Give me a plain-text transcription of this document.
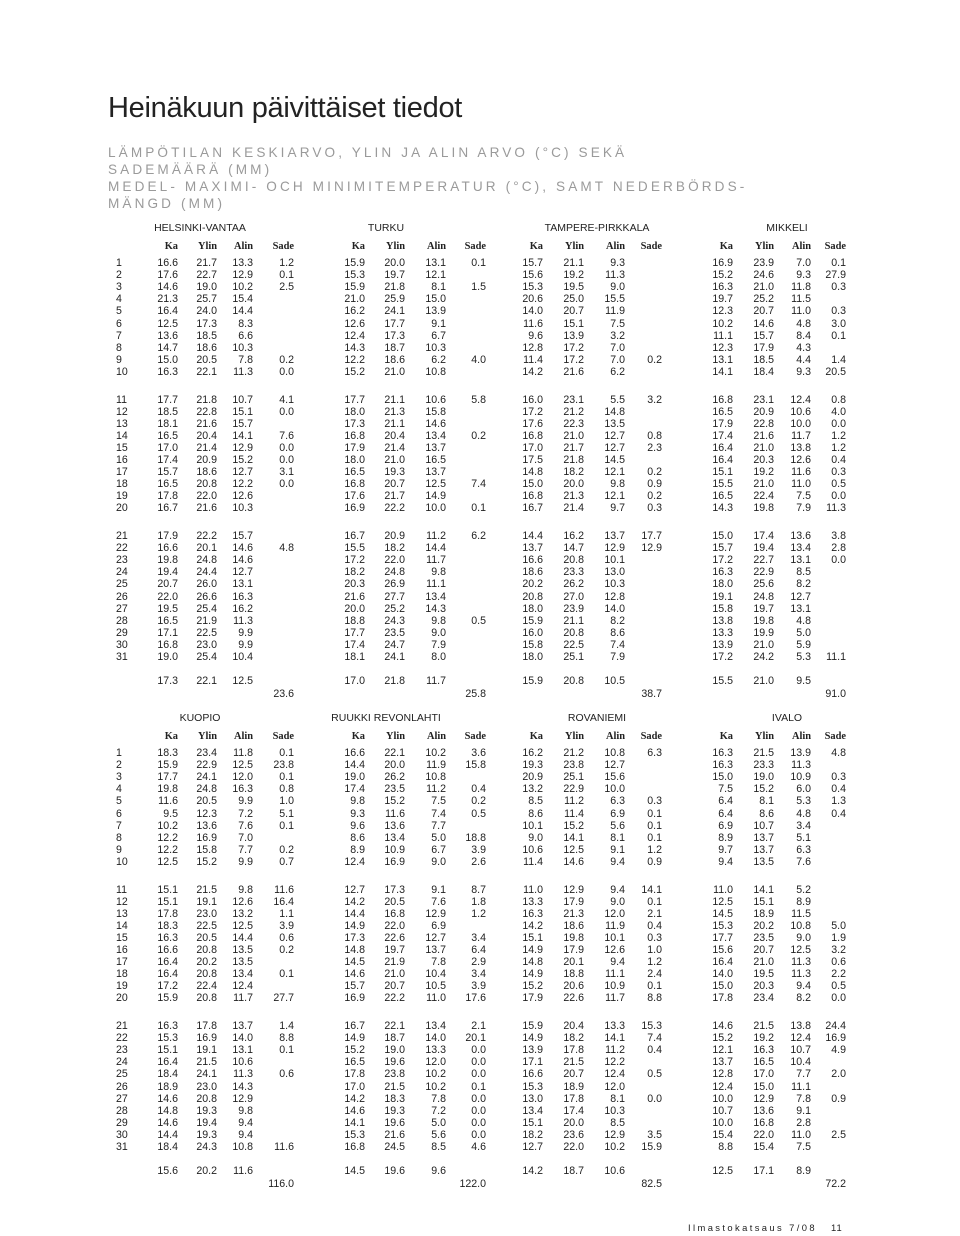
Heinäkuun päivittäiset tiedot
LÄMPÖTILAN KESKIARVO, YLIN JA ALIN ARVO (°C) SEKÄ
SADEMÄÄRÄ (MM)
MEDEL- MAXIMI- OCH MINIMITEMPERATUR (°C), SAMT NEDERBÖRDS-
MÄNGD (MM)
1
2
3
4
5
6
7
8
9
10
11
12
13
14
15
16
17
18
19
20
21
22
23
24
25
26
27
28
29
30
31
HELSINKI-VANTAA
Ka Ylin Alin Sade
16.6 21.7 13.3 1.2
17.6 22.7 12.9 0.1
14.6 19.0 10.2 2.5
21.3 25.7 15.4
16.4 24.0 14.4
12.5 17.3 8.3
13.6 18.5 6.6
14.7 18.6 10.3
15.0 20.5 7.8 0.2
16.3 22.1 11.3 0.0
17.7 21.8 10.7 4.1
18.5 22.8 15.1 0.0
18.1 21.6 15.7
16.5 20.4 14.1 7.6
17.0 21.4 12.9 0.0
17.4 20.9 15.2 0.0
15.7 18.6 12.7 3.1
16.5 20.8 12.2 0.0
17.8 22.0 12.6
16.7 21.6 10.3
17.9 22.2 15.7
16.6 20.1 14.6 4.8
19.8 24.8 14.6
19.4 24.4 12.7
20.7 26.0 13.1
22.0 26.6 16.3
19.5 25.4 16.2
16.5 21.9 11.3
17.1 22.5 9.9
16.8 23.0 9.9
19.0 25.4 10.4
17.3 22.1 12.5
23.6
TURKU
Ka Ylin Alin Sade
15.9 20.0 13.1 0.1
15.3 19.7 12.1
15.9 21.8 8.1 1.5
21.0 25.9 15.0
16.2 24.1 13.9
12.6 17.7 9.1
12.4 17.3 6.7
14.3 18.7 10.3
12.2 18.6 6.2 4.0
15.2 21.0 10.8
17.7 21.1 10.6 5.8
18.0 21.3 15.8
17.3 21.1 14.6
16.8 20.4 13.4 0.2
17.9 21.4 13.7
18.0 21.0 16.5
16.5 19.3 13.7
16.8 20.7 12.5 7.4
17.6 21.7 14.9
16.9 22.2 10.0 0.1
16.7 20.9 11.2 6.2
15.5 18.2 14.4
17.2 22.0 11.7
18.2 24.8 9.8
20.3 26.9 11.1
21.6 27.7 13.4
20.0 25.2 14.3
18.8 24.3 9.8 0.5
17.7 23.5 9.0
17.4 24.7 7.9
18.1 24.1 8.0
17.0 21.8 11.7
25.8
TAMPERE-PIRKKALA
Ka Ylin Alin Sade
15.7 21.1 9.3
15.6 19.2 11.3
15.3 19.5 9.0
20.6 25.0 15.5
14.0 20.7 11.9
11.6 15.1 7.5
9.6 13.9 3.2
12.8 17.2 7.0
11.4 17.2 7.0 0.2
14.2 21.6 6.2
16.0 23.1 5.5 3.2
17.2 21.2 14.8
17.6 22.3 13.5
16.8 21.0 12.7 0.8
17.0 21.7 12.7 2.3
17.5 21.8 14.5
14.8 18.2 12.1 0.2
15.0 20.0 9.8 0.9
16.8 21.3 12.1 0.2
16.7 21.4 9.7 0.3
14.4 16.2 13.7 17.7
13.7 14.7 12.9 12.9
16.6 20.8 10.1
18.6 23.3 13.0
20.2 26.2 10.3
20.8 27.0 12.8
18.0 23.9 14.0
15.9 21.1 8.2
16.0 20.8 8.6
15.8 22.5 7.4
18.0 25.1 7.9
15.9 20.8 10.5
38.7
MIKKELI
Ka Ylin Alin Sade
16.9 23.9 7.0 0.1
15.2 24.6 9.3 27.9
16.3 21.0 11.8 0.3
19.7 25.2 11.5
12.3 20.7 11.0 0.3
10.2 14.6 4.8 3.0
11.1 15.7 8.4 0.1
12.3 17.9 4.3
13.1 18.5 4.4 1.4
14.1 18.4 9.3 20.5
16.8 23.1 12.4 0.8
16.5 20.9 10.6 4.0
17.9 22.8 10.0 0.0
17.4 21.6 11.7 1.2
16.4 21.0 13.8 1.2
16.4 20.3 12.6 0.4
15.1 19.2 11.6 0.3
15.5 21.0 11.0 0.5
16.5 22.4 7.5 0.0
14.3 19.8 7.9 11.3
15.0 17.4 13.6 3.8
15.7 19.4 13.4 2.8
17.2 22.7 13.1 0.0
16.3 22.9 8.5
18.0 25.6 8.2
19.1 24.8 12.7
15.8 19.7 13.1
13.8 19.8 4.8
13.3 19.9 5.0
13.9 21.0 5.9
17.2 24.2 5.3 11.1
15.5 21.0 9.5
91.0
1
2
3
4
5
6
7
8
9
10
11
12
13
14
15
16
17
18
19
20
21
22
23
24
25
26
27
28
29
30
31
KUOPIO
Ka Ylin Alin Sade
18.3 23.4 11.8 0.1
15.9 22.9 12.5 23.8
17.7 24.1 12.0 0.1
19.8 24.8 16.3 0.8
11.6 20.5 9.9 1.0
9.5 12.3 7.2 5.1
10.2 13.6 7.6 0.1
12.2 16.9 7.0
12.2 15.8 7.7 0.2
12.5 15.2 9.9 0.7
15.1 21.5 9.8 11.6
15.1 19.1 12.6 16.4
17.8 23.0 13.2 1.1
18.3 22.5 12.5 3.9
16.3 20.5 14.4 0.6
16.6 20.8 13.5 0.2
16.4 20.2 13.5
16.4 20.8 13.4 0.1
17.2 22.4 12.4
15.9 20.8 11.7 27.7
16.3 17.8 13.7 1.4
15.3 16.9 14.0 8.8
15.1 19.1 13.1 0.1
16.4 21.5 10.6
18.4 24.1 11.3 0.6
18.9 23.0 14.3
14.6 20.8 12.9
14.8 19.3 9.8
14.6 19.4 9.4
14.4 19.3 9.4
18.4 24.3 10.8 11.6
15.6 20.2 11.6
116.0
RUUKKI REVONLAHTI
Ka Ylin Alin Sade
16.6 22.1 10.2 3.6
14.4 20.0 11.9 15.8
19.0 26.2 10.8
17.4 23.5 11.2 0.4
9.8 15.2 7.5 0.2
9.3 11.6 7.4 0.5
9.6 13.6 7.7
8.6 13.4 5.0 18.8
8.9 10.9 6.7 3.9
12.4 16.9 9.0 2.6
12.7 17.3 9.1 8.7
14.2 20.5 7.6 1.8
14.4 16.8 12.9 1.2
14.9 22.0 6.9
17.3 22.6 12.7 3.4
14.8 19.7 13.7 6.4
14.5 21.9 7.8 2.9
14.6 21.0 10.4 3.4
15.7 20.7 10.5 3.9
16.9 22.2 11.0 17.6
16.7 22.1 13.4 2.1
14.9 18.7 14.0 20.1
15.2 19.0 13.3 0.0
16.5 19.6 12.0 0.0
17.8 23.8 10.2 0.0
17.0 21.5 10.2 0.1
14.2 18.3 7.8 0.0
14.6 19.3 7.2 0.0
14.1 19.6 5.0 0.0
15.3 21.6 5.6 0.0
16.8 24.5 8.5 4.6
14.5 19.6 9.6
122.0
ROVANIEMI
Ka Ylin Alin Sade
16.2 21.2 10.8 6.3
19.3 23.8 12.7
20.9 25.1 15.6
13.2 22.9 10.0
8.5 11.2 6.3 0.3
8.6 11.4 6.9 0.1
10.1 15.2 5.6 0.1
9.0 14.1 8.1 0.1
10.6 12.5 9.1 1.2
11.4 14.6 9.4 0.9
11.0 12.9 9.4 14.1
13.3 17.9 9.0 0.1
16.3 21.3 12.0 2.1
14.2 18.6 11.9 0.4
15.1 19.8 10.1 0.3
14.9 17.9 12.6 1.0
14.8 20.1 9.4 1.2
14.9 18.8 11.1 2.4
15.2 20.6 10.9 0.1
17.9 22.6 11.7 8.8
15.9 20.4 13.3 15.3
14.9 18.2 14.1 7.4
13.9 17.8 11.2 0.4
17.1 21.5 12.2
16.6 20.7 12.4 0.5
15.3 18.9 12.0
13.0 17.8 8.1 0.0
13.4 17.4 10.3
15.1 20.0 8.5
18.2 23.6 12.9 3.5
12.7 22.0 10.2 15.9
14.2 18.7 10.6
82.5
IVALO
Ka Ylin Alin Sade
16.3 21.5 13.9 4.8
16.3 23.3 11.3
15.0 19.0 10.9 0.3
7.5 15.2 6.0 0.4
6.4 8.1 5.3 1.3
6.4 8.6 4.8 0.4
6.9 10.7 3.4
8.9 13.7 5.1
9.7 13.7 6.3
9.4 13.5 7.6
11.0 14.1 5.2
12.5 15.1 8.9
14.5 18.9 11.5
15.3 20.2 10.8 5.0
17.7 23.5 9.0 1.9
15.6 20.7 12.5 3.2
16.4 21.0 11.3 0.6
14.0 19.5 11.3 2.2
15.0 20.3 9.4 0.5
17.8 23.4 8.2 0.0
14.6 21.5 13.8 24.4
15.2 19.2 12.4 16.9
12.1 16.3 10.7 4.9
13.7 16.5 10.4
12.8 17.0 7.7 2.0
12.4 15.0 11.1
10.0 12.9 7.8 0.9
10.7 13.6 9.1
10.0 16.8 2.8
15.4 22.0 11.0 2.5
8.8 15.4 7.5
12.5 17.1 8.9
72.2
Ilmastokatsaus 7/08 11
